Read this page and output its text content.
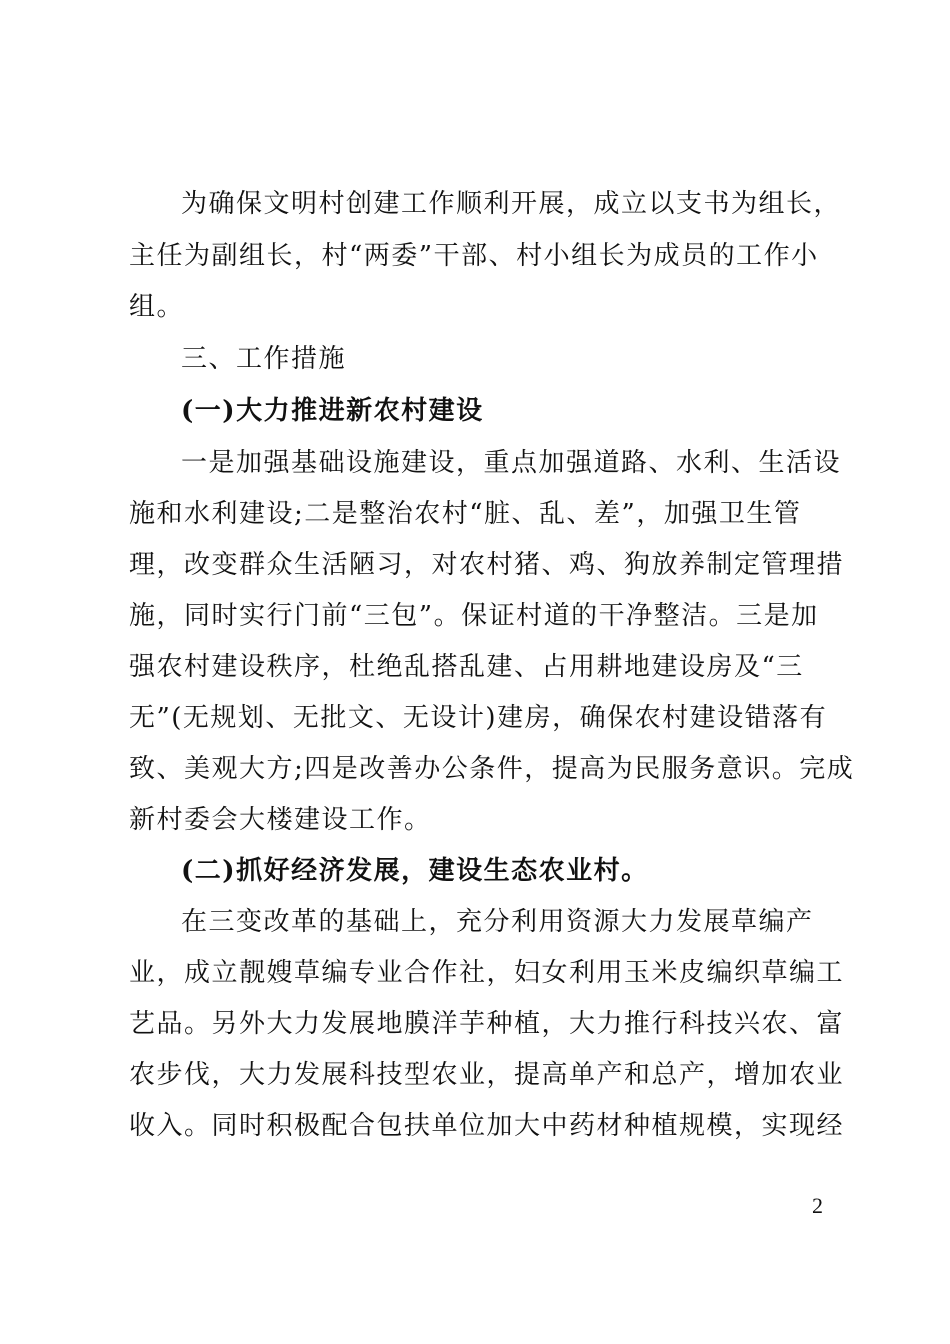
为确保文明村创建工作顺利开展，成立以支书为组长，
主任为副组长，村“两委”干部、村小组长为成员的工作小
组。
三、工作措施
(一)大力推进新农村建设
一是加强基础设施建设，重点加强道路、水利、生活设
施和水利建设;二是整治农村“脏、乱、差”，加强卫生管
理，改变群众生活陋习，对农村猪、鸡、狗放养制定管理措
施，同时实行门前“三包”。保证村道的干净整洁。三是加
强农村建设秩序，杜绝乱搭乱建、占用耕地建设房及“三
无”(无规划、无批文、无设计)建房，确保农村建设错落有
致、美观大方;四是改善办公条件，提高为民服务意识。完成
新村委会大楼建设工作。
(二)抓好经济发展，建设生态农业村。
在三变改革的基础上，充分利用资源大力发展草编产
业，成立靓嫂草编专业合作社，妇女利用玉米皮编织草编工
艺品。另外大力发展地膜洋芋种植，大力推行科技兴农、富
农步伐，大力发展科技型农业，提高单产和总产，增加农业
收入。同时积极配合包扶单位加大中药材种植规模，实现经
2
